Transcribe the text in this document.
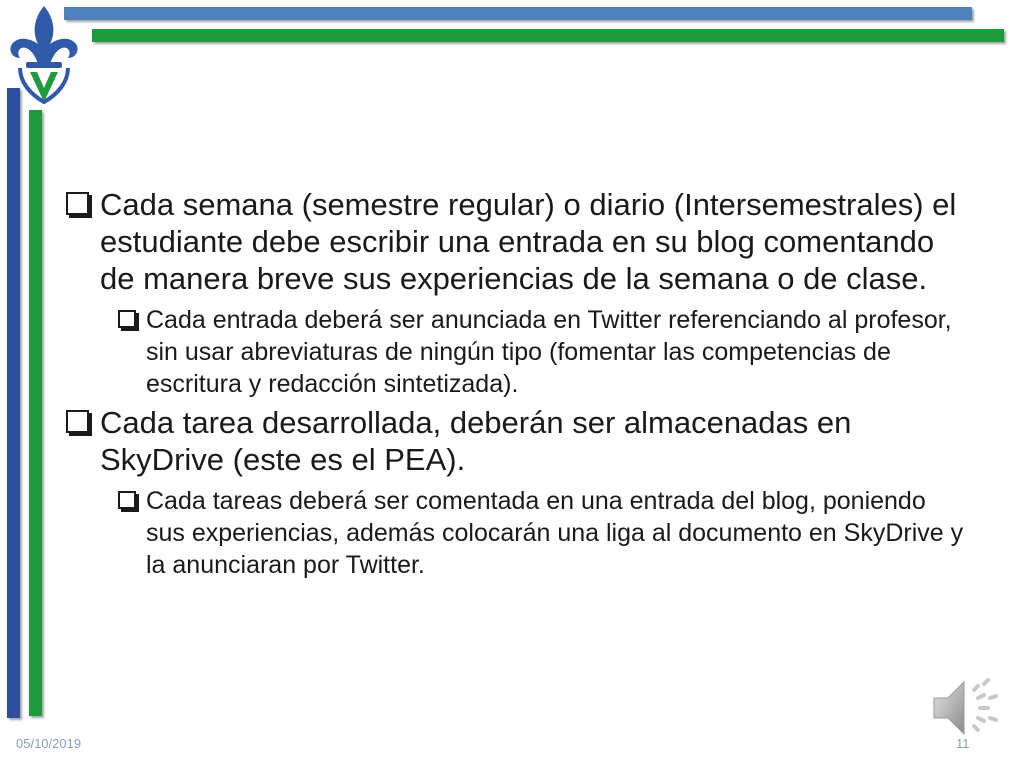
Cada semana (semestre regular) o diario (Intersemestrales) el estudiante debe escribir una entrada en su blog comentando de manera breve sus experiencias de la semana o de clase.
Cada entrada deberá ser anunciada en Twitter referenciando al profesor, sin usar abreviaturas de ningún tipo (fomentar las competencias de escritura y redacción sintetizada).
Cada tarea desarrollada, deberán ser almacenadas en SkyDrive (este es el PEA).
Cada tareas deberá ser comentada en una entrada del blog, poniendo sus experiencias, además colocarán una liga al documento en SkyDrive y la anunciaran por Twitter.
05/10/2019	11
